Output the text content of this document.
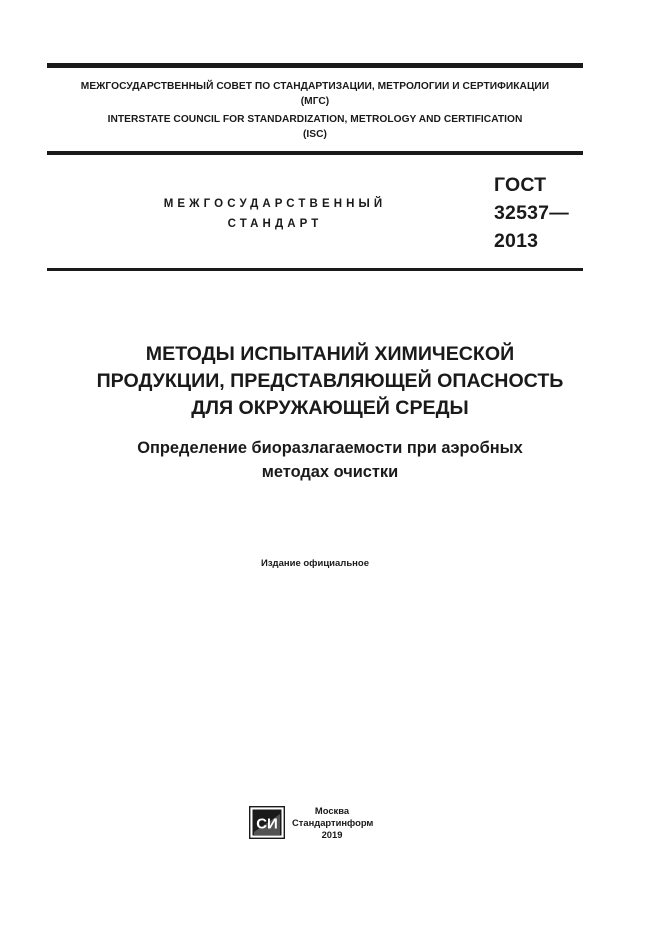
МЕЖГОСУДАРСТВЕННЫЙ СОВЕТ ПО СТАНДАРТИЗАЦИИ, МЕТРОЛОГИИ И СЕРТИФИКАЦИИ
(МГС)
INTERSTATE COUNCIL FOR STANDARDIZATION, METROLOGY AND CERTIFICATION
(ISC)
МЕЖГОСУДАРСТВЕННЫЙ
СТАНДАРТ
ГОСТ
32537—
2013
МЕТОДЫ ИСПЫТАНИЙ ХИМИЧЕСКОЙ
ПРОДУКЦИИ, ПРЕДСТАВЛЯЮЩЕЙ ОПАСНОСТЬ
ДЛЯ ОКРУЖАЮЩЕЙ СРЕДЫ
Определение биоразлагаемости при аэробных
методах очистки
Издание официальное
СИ
Москва
Стандартинформ
2019
